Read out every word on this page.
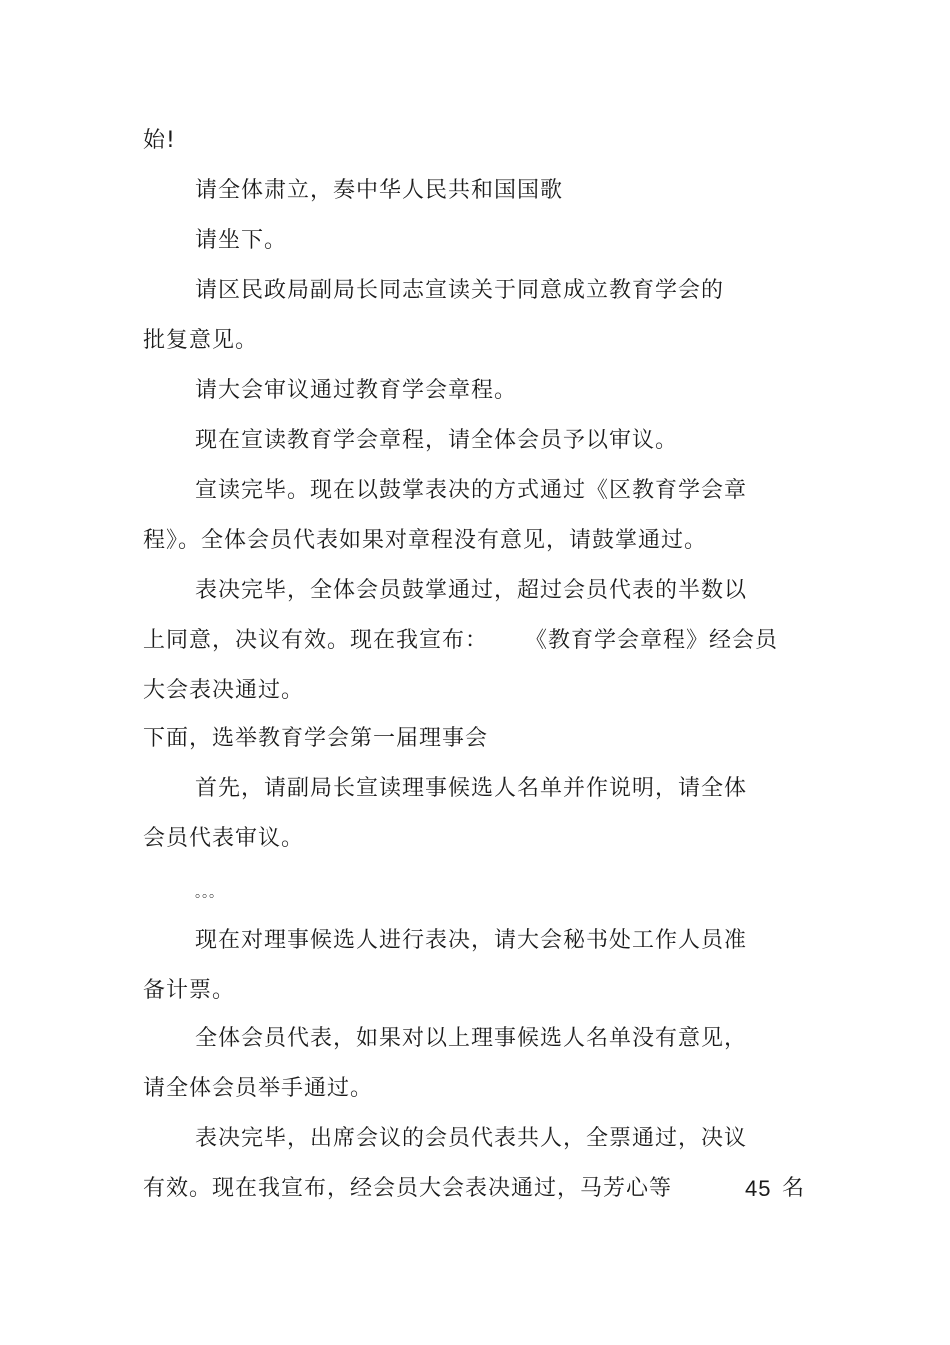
始!
请全体肃立，奏中华人民共和国国歌
请坐下。
请区民政局副局长同志宣读关于同意成立教育学会的
批复意见。
请大会审议通过教育学会章程。
现在宣读教育学会章程，请全体会员予以审议。
宣读完毕。现在以鼓掌表决的方式通过《区教育学会章
程》。全体会员代表如果对章程没有意见，请鼓掌通过。
表决完毕，全体会员鼓掌通过，超过会员代表的半数以
上同意，决议有效。现在我宣布： 《教育学会章程》经会员
大会表决通过。
下面，选举教育学会第一届理事会
首先，请副局长宣读理事候选人名单并作说明，请全体
会员代表审议。
。。。
现在对理事候选人进行表决，请大会秘书处工作人员准
备计票。
全体会员代表，如果对以上理事候选人名单没有意见，
请全体会员举手通过。
表决完毕，出席会议的会员代表共人，全票通过，决议
有效。现在我宣布，经会员大会表决通过，马芳心等	45 名
